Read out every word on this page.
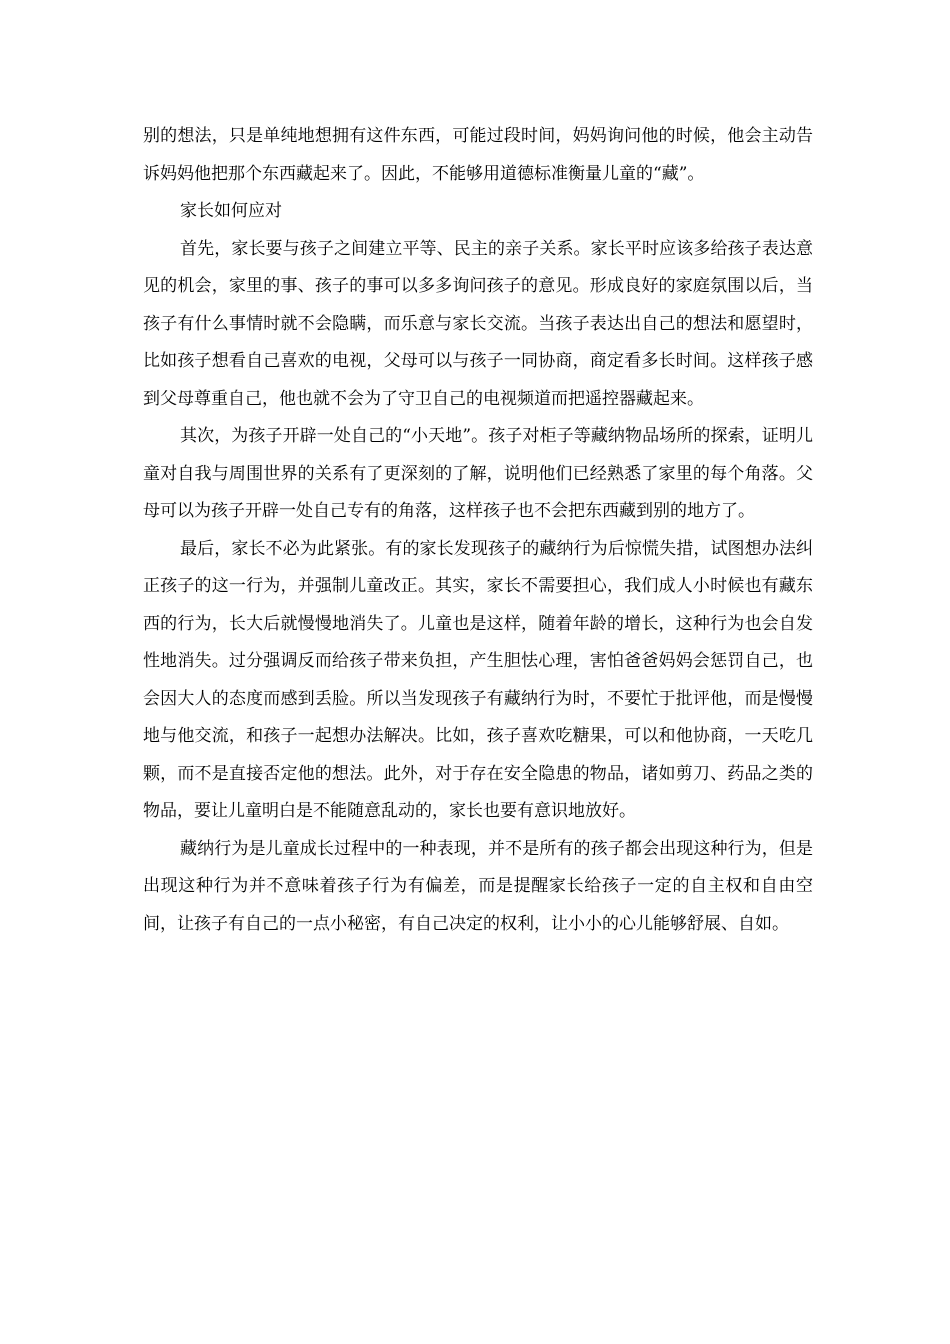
别的想法，只是单纯地想拥有这件东西，可能过段时间，妈妈询问他的时候，他会主动告诉妈妈他把那个东西藏起来了。因此，不能够用道德标准衡量儿童的“藏”。

家长如何应对

首先，家长要与孩子之间建立平等、民主的亲子关系。家长平时应该多给孩子表达意见的机会，家里的事、孩子的事可以多多询问孩子的意见。形成良好的家庭氛围以后，当孩子有什么事情时就不会隐瞒，而乐意与家长交流。当孩子表达出自己的想法和愿望时，比如孩子想看自己喜欢的电视，父母可以与孩子一同协商，商定看多长时间。这样孩子感到父母尊重自己，他也就不会为了守卫自己的电视频道而把遥控器藏起来。

其次，为孩子开辟一处自己的“小天地”。孩子对柜子等藏纳物品场所的探索，证明儿童对自我与周围世界的关系有了更深刻的了解，说明他们已经熟悉了家里的每个角落。父母可以为孩子开辟一处自己专有的角落，这样孩子也不会把东西藏到别的地方了。

最后，家长不必为此紧张。有的家长发现孩子的藏纳行为后惊慌失措，试图想办法纠正孩子的这一行为，并强制儿童改正。其实，家长不需要担心，我们成人小时候也有藏东西的行为，长大后就慢慢地消失了。儿童也是这样，随着年龄的增长，这种行为也会自发性地消失。过分强调反而给孩子带来负担，产生胆怯心理，害怕爸爸妈妈会惩罚自己，也会因大人的态度而感到丢脸。所以当发现孩子有藏纳行为时，不要忙于批评他，而是慢慢地与他交流，和孩子一起想办法解决。比如，孩子喜欢吃糖果，可以和他协商，一天吃几颗，而不是直接否定他的想法。此外，对于存在安全隐患的物品，诸如剪刀、药品之类的物品，要让儿童明白是不能随意乱动的，家长也要有意识地放好。

藏纳行为是儿童成长过程中的一种表现，并不是所有的孩子都会出现这种行为，但是出现这种行为并不意味着孩子行为有偏差，而是提醒家长给孩子一定的自主权和自由空间，让孩子有自己的一点小秘密，有自己决定的权利，让小小的心儿能够舒展、自如。
